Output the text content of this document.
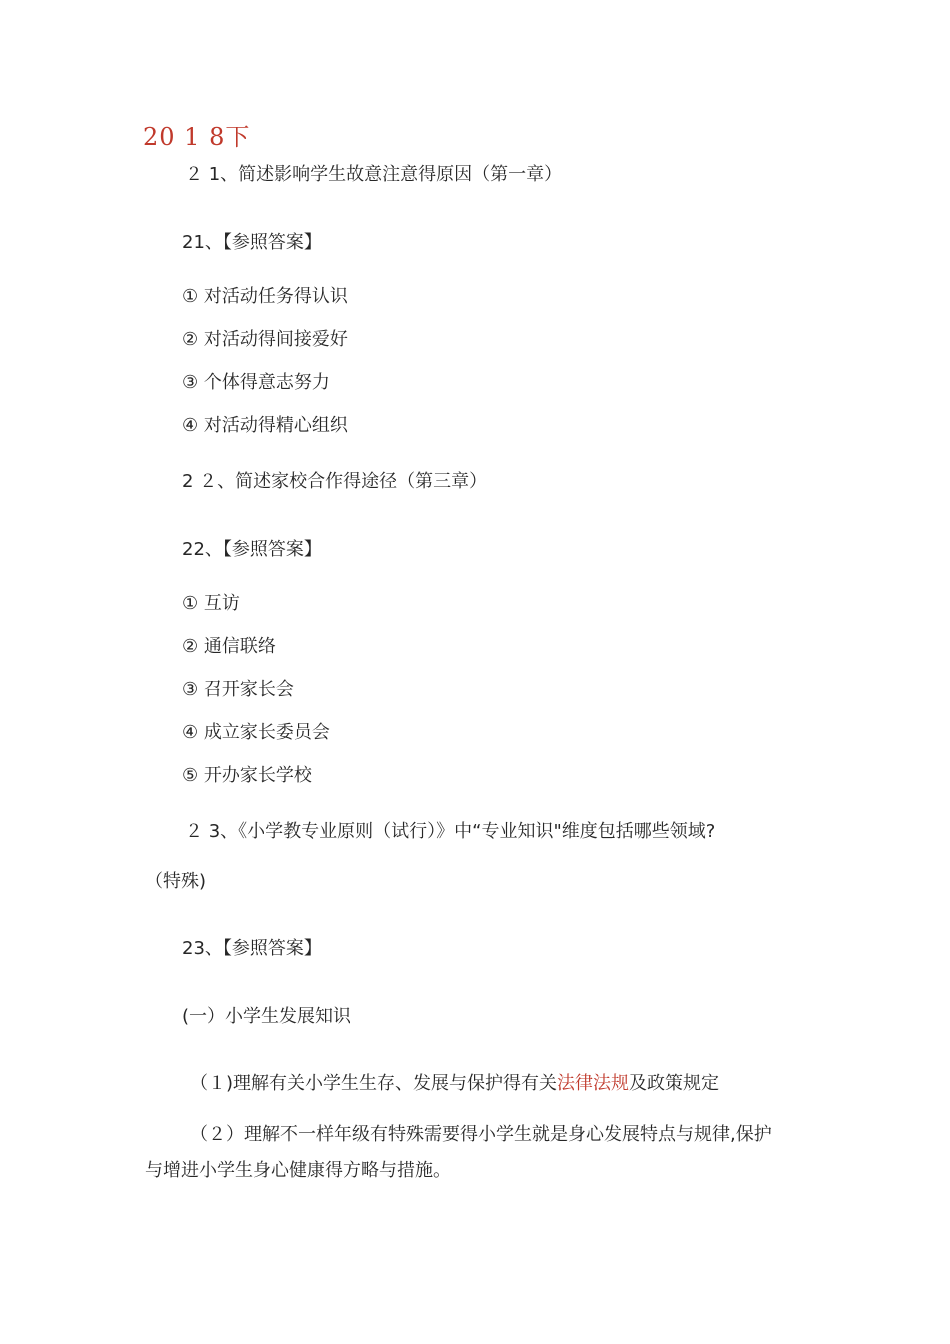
20 1 8下
２ 1、简述影响学生故意注意得原因（第一章）
21、【参照答案】
① 对活动任务得认识
② 对活动得间接爱好
③ 个体得意志努力
④ 对活动得精心组织
2 ２、简述家校合作得途径（第三章）
22、【参照答案】
① 互访
② 通信联络
③ 召开家长会
④ 成立家长委员会
⑤ 开办家长学校
２ 3、《小学教专业原则（试行）》中“专业知识"维度包括哪些领域?
（特殊)
23、【参照答案】
(一）小学生发展知识
（１)理解有关小学生生存、发展与保护得有关法律法规及政策规定
（２）理解不一样年级有特殊需要得小学生就是身心发展特点与规律,保护
与增进小学生身心健康得方略与措施。
